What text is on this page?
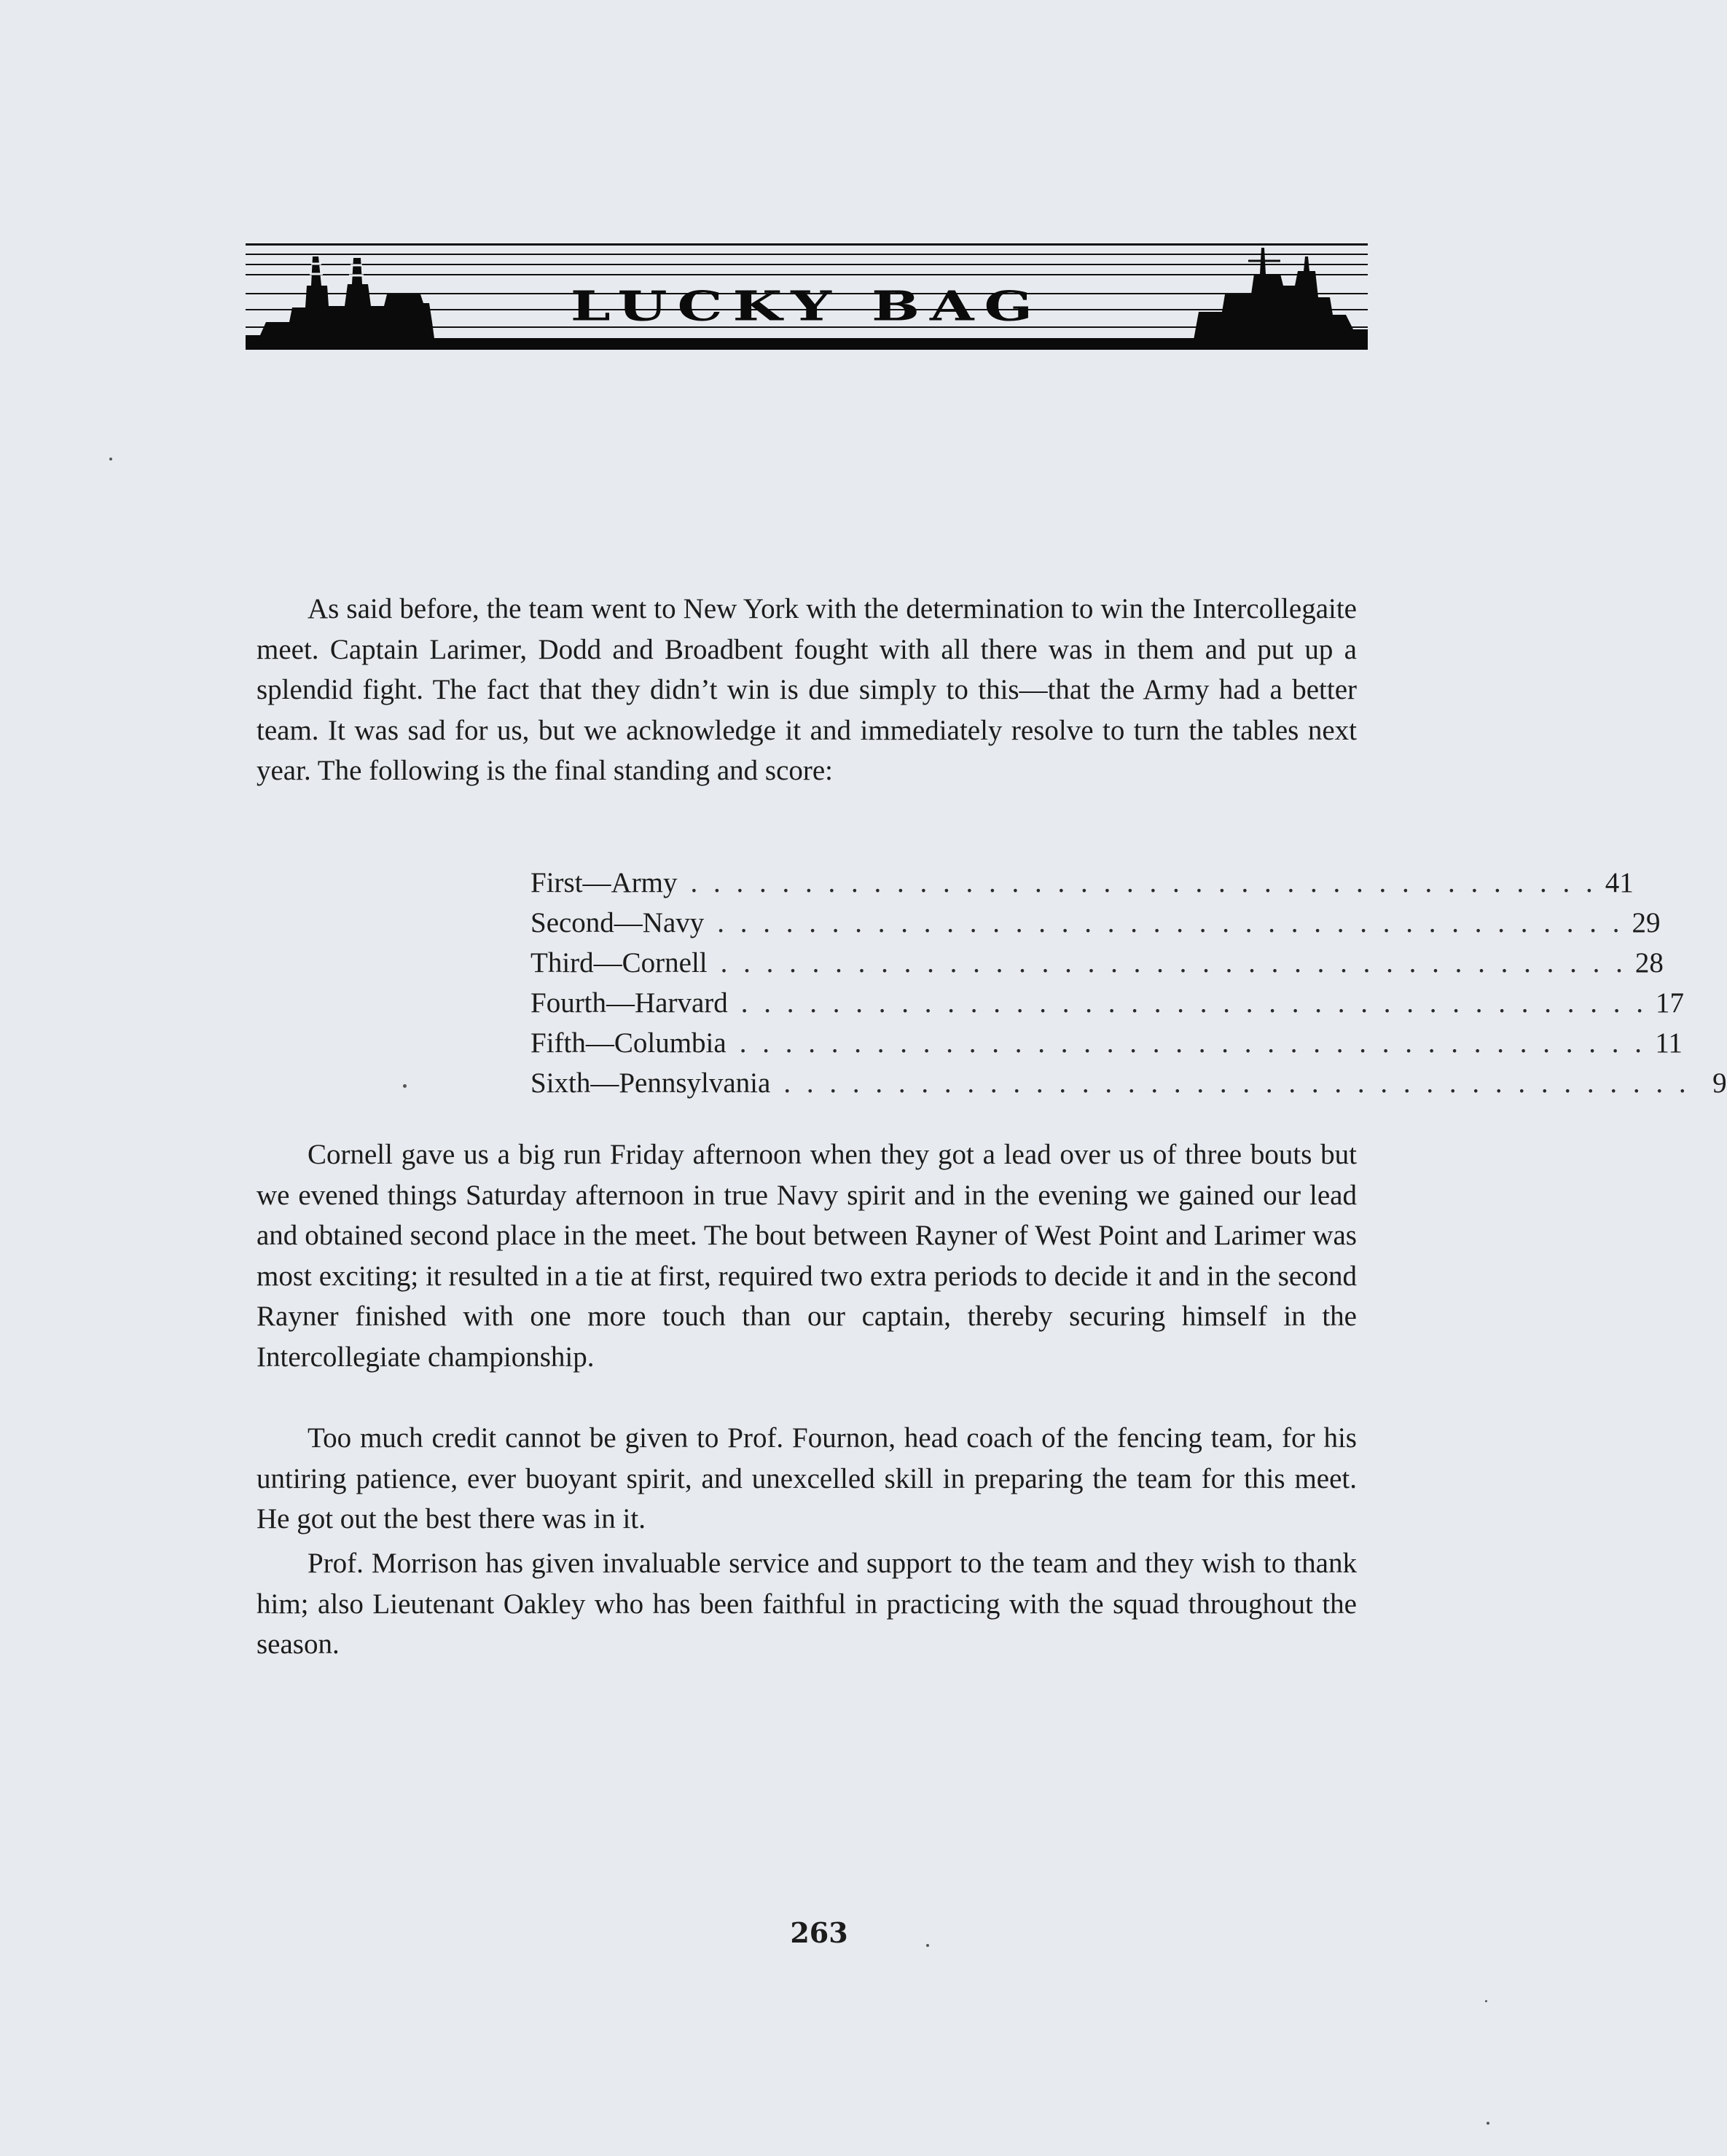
LUCKY BAG
As said before, the team went to New York with the determination to win the Intercollegaite meet. Captain Larimer, Dodd and Broadbent fought with all there was in them and put up a splendid fight. The fact that they didn’t win is due simply to this—that the Army had a better team. It was sad for us, but we acknowledge it and immediately resolve to turn the tables next year. The following is the final standing and score:
First—Army . . . . . . . . . . . . . . . . . . . . . . . . . . . . . . . . . . . . . . . . 41
Second—Navy . . . . . . . . . . . . . . . . . . . . . . . . . . . . . . . . . . . . . . . . 29
Third—Cornell . . . . . . . . . . . . . . . . . . . . . . . . . . . . . . . . . . . . . . . . 28
Fourth—Harvard . . . . . . . . . . . . . . . . . . . . . . . . . . . . . . . . . . . . . . . . 17
Fifth—Columbia . . . . . . . . . . . . . . . . . . . . . . . . . . . . . . . . . . . . . . . . 11
Sixth—Pennsylvania . . . . . . . . . . . . . . . . . . . . . . . . . . . . . . . . . . . . . . . . 9
Cornell gave us a big run Friday afternoon when they got a lead over us of three bouts but we evened things Saturday afternoon in true Navy spirit and in the evening we gained our lead and obtained second place in the meet. The bout between Rayner of West Point and Larimer was most exciting; it resulted in a tie at first, required two extra periods to decide it and in the second Rayner finished with one more touch than our captain, thereby securing himself in the Intercollegiate championship.
Too much credit cannot be given to Prof. Fournon, head coach of the fencing team, for his untiring patience, ever buoyant spirit, and unexcelled skill in preparing the team for this meet. He got out the best there was in it.
Prof. Morrison has given invaluable service and support to the team and they wish to thank him; also Lieutenant Oakley who has been faithful in practicing with the squad throughout the season.
263
